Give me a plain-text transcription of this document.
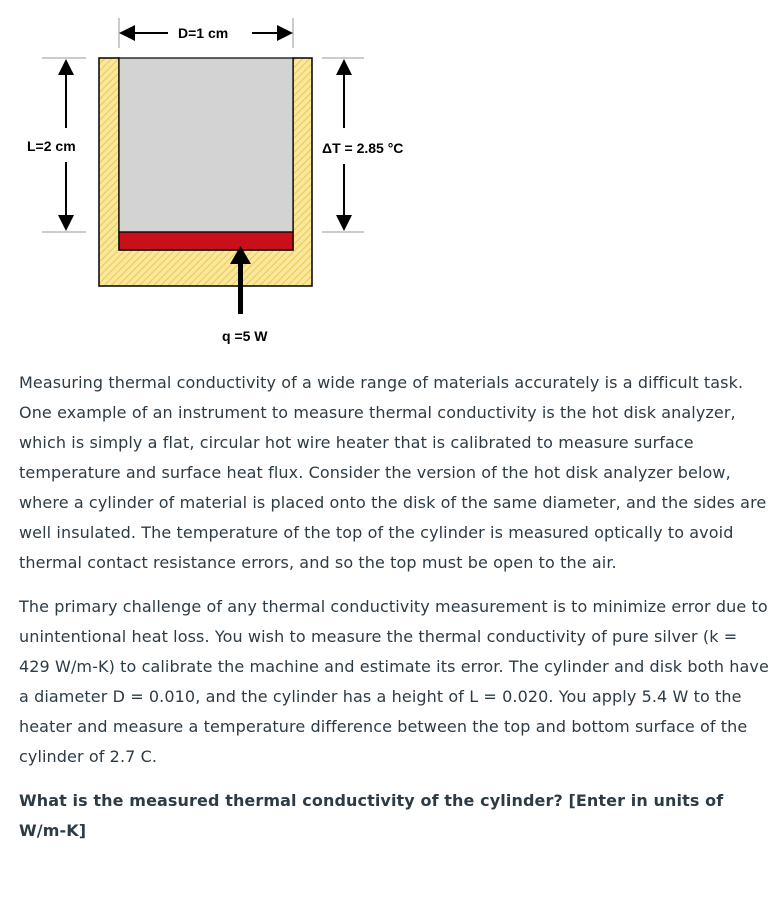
D=1 cm
q =5 W
L=2 cm	ΔT = 2.85 °C

Measuring thermal conductivity of a wide range of materials accurately is a difficult task. One example of an instrument to measure thermal conductivity is the hot disk analyzer, which is simply a flat, circular hot wire heater that is calibrated to measure surface temperature and surface heat flux. Consider the version of the hot disk analyzer below, where a cylinder of material is placed onto the disk of the same diameter, and the sides are well insulated. The temperature of the top of the cylinder is measured optically to avoid thermal contact resistance errors, and so the top must be open to the air.

The primary challenge of any thermal conductivity measurement is to minimize error due to unintentional heat loss. You wish to measure the thermal conductivity of pure silver (k = 429 W/m-K) to calibrate the machine and estimate its error. The cylinder and disk both have a diameter D = 0.010, and the cylinder has a height of L = 0.020. You apply 5.4 W to the heater and measure a temperature difference between the top and bottom surface of the cylinder of 2.7 C.

What is the measured thermal conductivity of the cylinder? [Enter in units of W/m-K]
